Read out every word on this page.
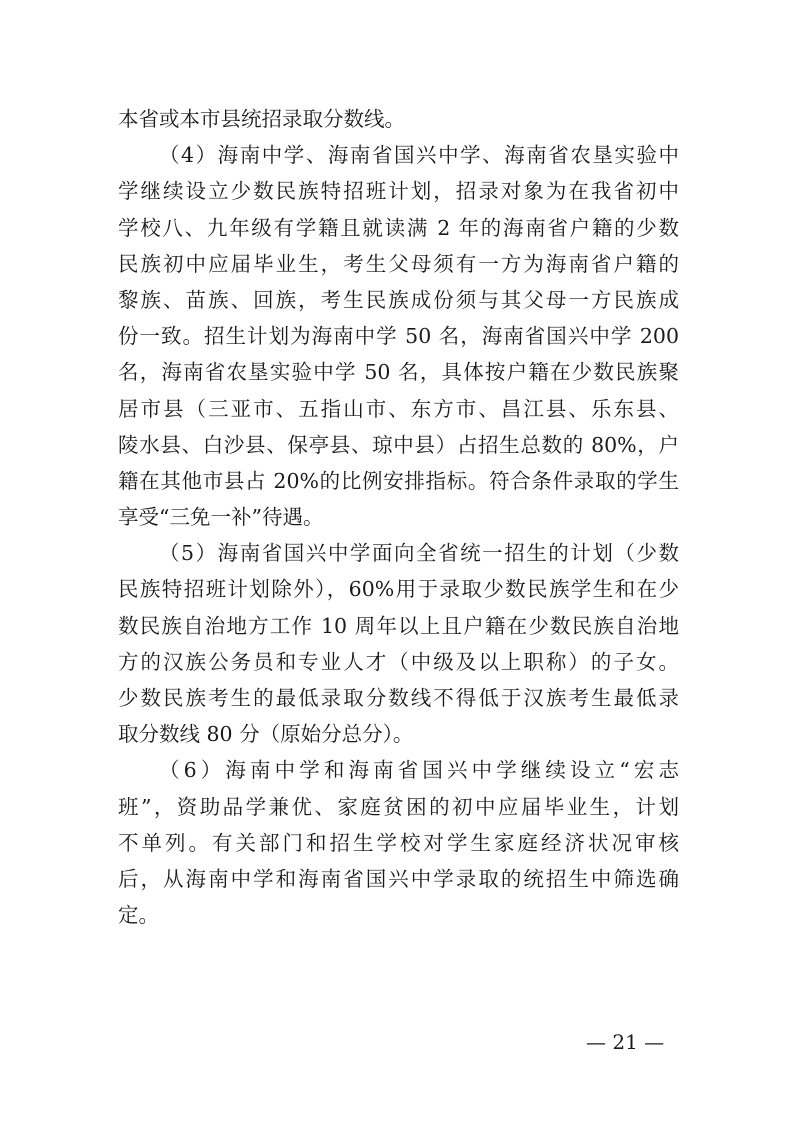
本省或本市县统招录取分数线。
（4）海南中学、海南省国兴中学、海南省农垦实验中
学继续设立少数民族特招班计划，招录对象为在我省初中
学校八、九年级有学籍且就读满 2 年的海南省户籍的少数
民族初中应届毕业生，考生父母须有一方为海南省户籍的
黎族、苗族、回族，考生民族成份须与其父母一方民族成
份一致。招生计划为海南中学 50 名，海南省国兴中学 200
名，海南省农垦实验中学 50 名，具体按户籍在少数民族聚
居市县（三亚市、五指山市、东方市、昌江县、乐东县、
陵水县、白沙县、保亭县、琼中县）占招生总数的 80%，户
籍在其他市县占 20%的比例安排指标。符合条件录取的学生
享受“三免一补”待遇。
（5）海南省国兴中学面向全省统一招生的计划（少数
民族特招班计划除外），60%用于录取少数民族学生和在少
数民族自治地方工作 10 周年以上且户籍在少数民族自治地
方的汉族公务员和专业人才（中级及以上职称）的子女。
少数民族考生的最低录取分数线不得低于汉族考生最低录
取分数线 80 分（原始分总分）。
（6）海南中学和海南省国兴中学继续设立“宏志
班”，资助品学兼优、家庭贫困的初中应届毕业生，计划
不单列。有关部门和招生学校对学生家庭经济状况审核
后，从海南中学和海南省国兴中学录取的统招生中筛选确
定。
— 21 —
